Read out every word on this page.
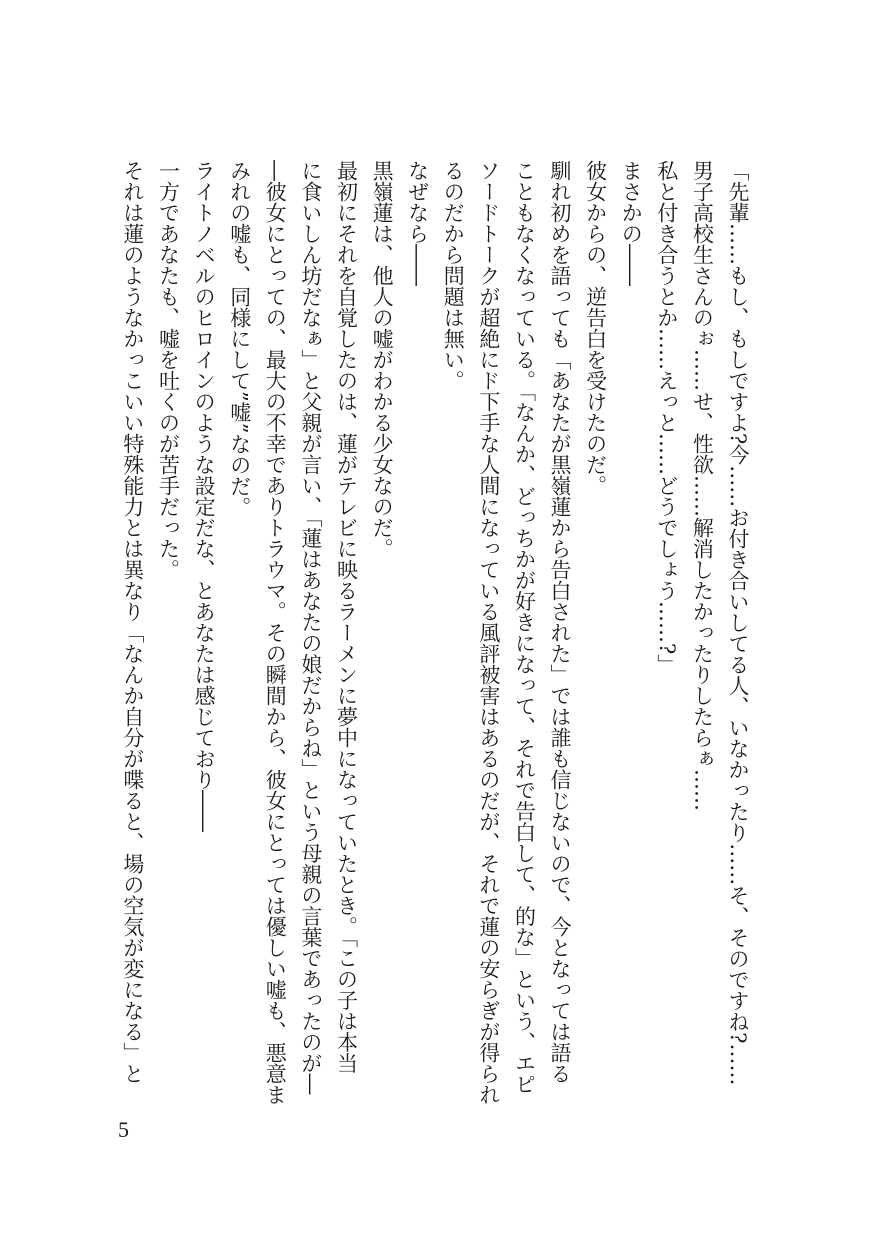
「先輩……もし、もしですよ?今……お付き合いしてる人、いなかったり……そ、そのですね?……
男子高校生さんのぉ……せ、性欲……解消したかったりしたらぁ……
私と付き合うとか……えっと……どうでしょう……?」
まさかの――
彼女からの、逆告白を受けたのだ。
馴れ初めを語っても「あなたが黒嶺蓮から告白された」では誰も信じないので、今となっては語る
こともなくなっている。「なんか、どっちかが好きになって、それで告白して、的な」という、エピ
ソードトークが超絶にド下手な人間になっている風評被害はあるのだが、それで蓮の安らぎが得られ
るのだから問題は無い。
なぜなら――
黒嶺蓮は、他人の嘘がわかる少女なのだ。
最初にそれを自覚したのは、蓮がテレビに映るラーメンに夢中になっていたとき。「この子は本当
に食いしん坊だなぁ」と父親が言い、「蓮はあなたの娘だからね」という母親の言葉であったのが―
―彼女にとっての、最大の不幸でありトラウマ。その瞬間から、彼女にとっては優しい嘘も、悪意ま
みれの嘘も、同様にして”嘘”なのだ。
ライトノベルのヒロインのような設定だな、とあなたは感じており――
一方であなたも、嘘を吐くのが苦手だった。
それは蓮のようなかっこいい特殊能力とは異なり「なんか自分が喋ると、場の空気が変になる」と
5
